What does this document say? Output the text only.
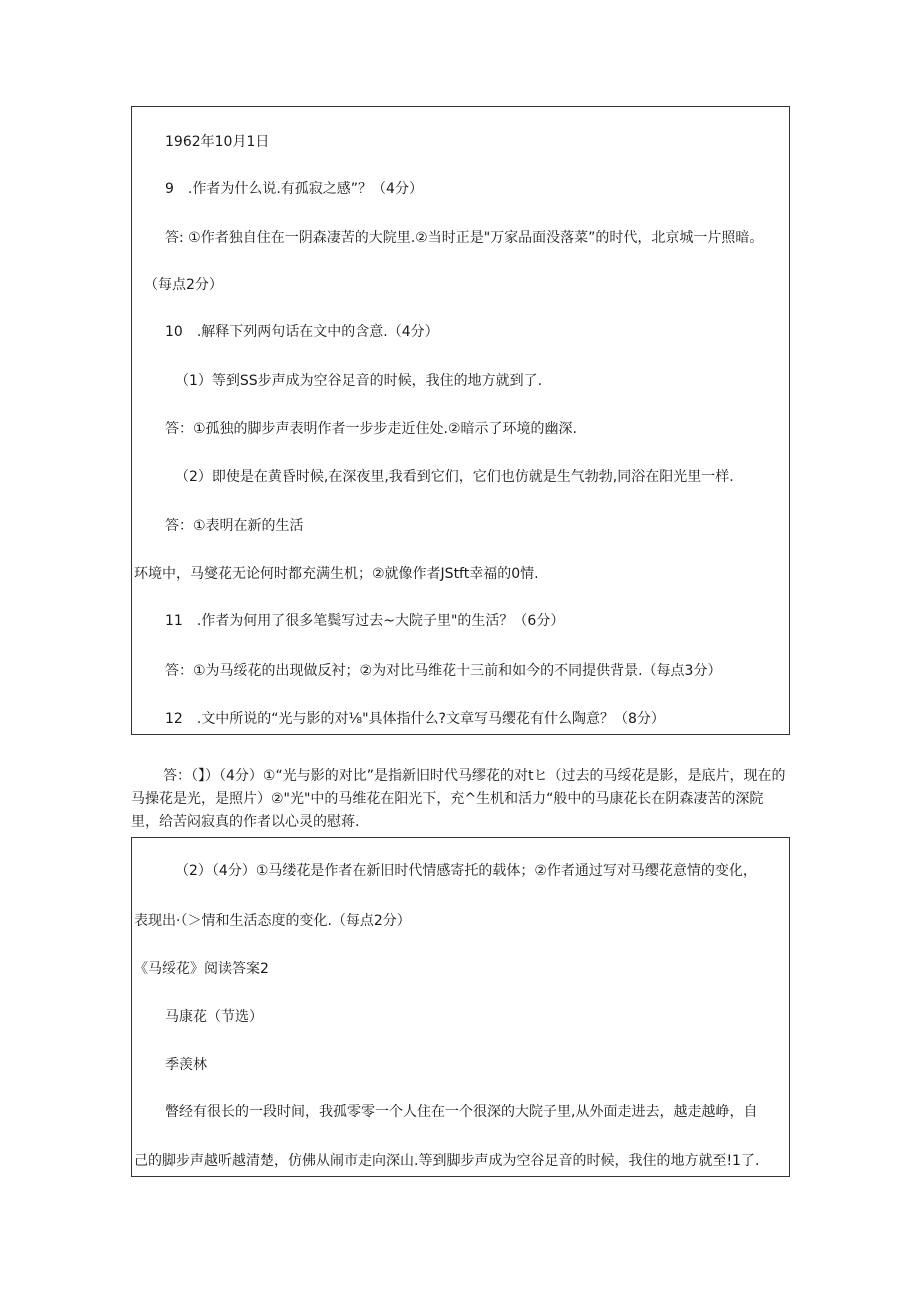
1962年10月1日
9　.作者为什么说.有孤寂之感”？（4分）
答: ①作者独自住在一阴森凄苦的大院里.②当时正是"万家品面没落菜”的时代，北京城一片照暗。
（每点2分）
10　.解释下列两句话在文中的含意.（4分）
（1）等到SS步声成为空谷足音的时候，我住的地方就到了.
答：①孤独的脚步声表明作者一步步走近住处.②暗示了环境的幽深.
（2）即使是在黄昏时候,在深夜里,我看到它们，它们也仿就是生气勃勃,同浴在阳光里一样.
答：①表明在新的生活
环境中，马燮花无论何时都充满生机；②就像作者JStft幸福的0情.
11　.作者为何用了很多笔鬓写过去~大院子里"的生活？（6分）
答：①为马绥花的出现做反衬；②为对比马维花十三前和如今的不同提供背景.（每点3分）
12　.文中所说的“光与影的对⅛"具体指什么?文章写马缨花有什么陶意？（8分）
答：（】）（4分）①“光与影的对比”是指新旧时代马缪花的对tヒ（过去的马绥花是影，是底片，现在的马操花是光，是照片）②"光"中的马维花在阳光下，充^生机和活力“般中的马康花长在阴森凄苦的深院里，给苦闷寂真的作者以心灵的慰蒋.
（2）（4分）①马缕花是作者在新旧时代情感寄托的载体；②作者通过写对马缨花意情的变化，
表现出·（＞情和生活态度的变化.（每点2分）
《马绥花》阅读答案2
马康花（节选）
季羡林
瞥经有很长的一段时间，我孤零零一个人住在一个很深的大院子里,从外面走进去，越走越峥，自
己的脚步声越听越清楚，仿佛从闹市走向深山.等到脚步声成为空谷足音的时候，我住的地方就至!1了.
